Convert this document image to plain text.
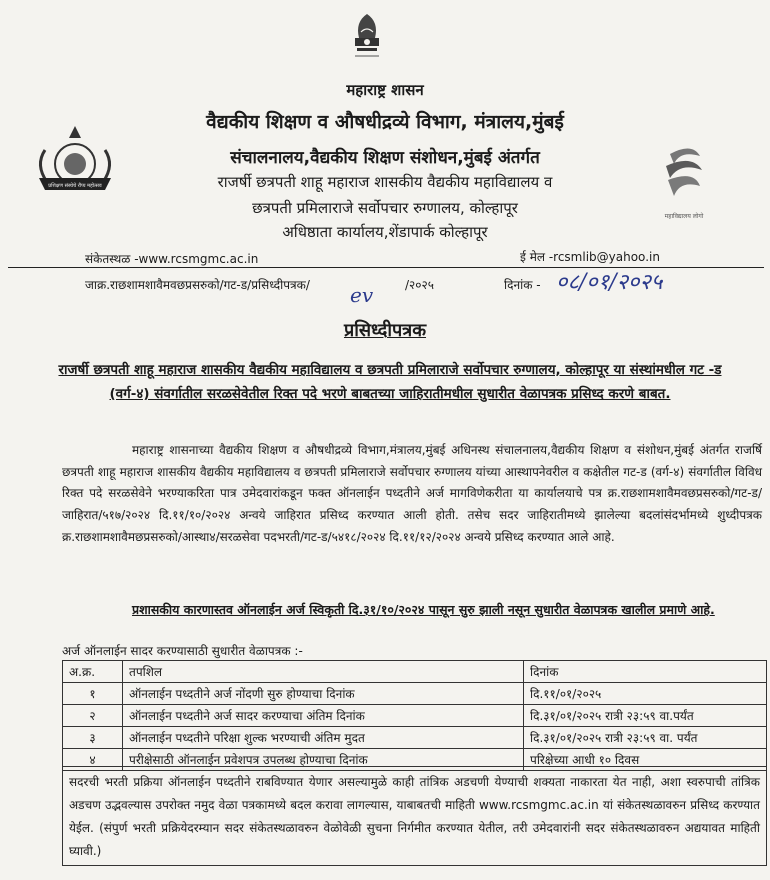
महाराष्ट्र शासन
वैद्यकीय शिक्षण व औषधीद्रव्ये विभाग, मंत्रालय,मुंबई
संचालनालय,वैद्यकीय शिक्षण संशोधन,मुंबई अंतर्गत
राजर्षी छत्रपती शाहू महाराज शासकीय वैद्यकीय महाविद्यालय व
छत्रपती प्रमिलाराजे सर्वोपचार रुग्णालय, कोल्हापूर
अधिष्ठाता कार्यालय,शेंडापार्क कोल्हापूर
प्रशिक्षण संस्थेचे रौप्य महोत्सव
महाविद्यालय लोगो
संकेतस्थळ -www.rcsmgmc.ac.in	ई मेल -rcsmlib@yahoo.in
जाक्र.राछशामशावैमवछप्रसरुको/गट-ड/प्रसिध्दीपत्रक/	/२०२५	दिनांक - ०८/०१/२०२५
ev
प्रसिध्दीपत्रक
राजर्षी छत्रपती शाहू महाराज शासकीय वैद्यकीय महाविद्यालय व छत्रपती प्रमिलाराजे सर्वोपचार रुग्णालय, कोल्हापूर या संस्थांमधील गट -ड (वर्ग-४) संवर्गातील सरळसेवेतील रिक्त पदे भरणे बाबतच्या जाहिरातीमधील सुधारीत वेळापत्रक प्रसिध्द करणे बाबत.
महाराष्ट्र शासनाच्या वैद्यकीय शिक्षण व औषधीद्रव्ये विभाग,मंत्रालय,मुंबई अधिनस्थ संचालनालय,वैद्यकीय शिक्षण व संशोधन,मुंबई अंतर्गत राजर्षि छत्रपती शाहू महाराज शासकीय वैद्यकीय महाविद्यालय व छत्रपती प्रमिलाराजे सर्वोपचार रुग्णालय यांच्या आस्थापनेवरील व कक्षेतील गट-ड (वर्ग-४) संवर्गातील विविध रिक्त पदे सरळसेवेने भरण्याकरिता पात्र उमेदवारांकडून फक्त ऑनलाईन पध्दतीने अर्ज मागविणेकरीता या कार्यालयाचे पत्र क्र.राछशामशावैमवछप्रसरुको/गट-ड/जाहिरात/५१७/२०२४ दि.११/१०/२०२४ अन्वये जाहिरात प्रसिध्द करण्यात आली होती. तसेच सदर जाहिरातीमध्ये झालेल्या बदलांसंदर्भामध्ये शुध्दीपत्रक क्र.राछशामशावैमछप्रसरुको/आस्था४/सरळसेवा पदभरती/गट-ड/५४१८/२०२४ दि.११/१२/२०२४ अन्वये प्रसिध्द करण्यात आले आहे.
प्रशासकीय कारणास्तव ऑनलाईन अर्ज स्विकृती दि.३१/१०/२०२४ पासून सुरु झाली नसून सुधारीत वेळापत्रक खालील प्रमाणे आहे.
अर्ज ऑनलाईन सादर करण्यासाठी सुधारीत वेळापत्रक :-
अ.क्र.	तपशिल	दिनांक
१	ऑनलाईन पध्दतीने अर्ज नोंदणी सुरु होण्याचा दिनांक	दि.११/०१/२०२५
२	ऑनलाईन पध्दतीने अर्ज सादर करण्याचा अंतिम दिनांक	दि.३१/०१/२०२५ रात्री २३:५९ वा.पर्यंत
३	ऑनलाईन पध्दतीने परिक्षा शुल्क भरण्याची अंतिम मुदत	दि.३१/०१/२०२५ रात्री २३:५९ वा. पर्यंत
४	परीक्षेसाठी ऑनलाईन प्रवेशपत्र उपलब्ध होण्याचा दिनांक	परिक्षेच्या आधी १० दिवस
सदरची भरती प्रक्रिया ऑनलाईन पध्दतीने राबविण्यात येणार असल्यामुळे काही तांत्रिक अडचणी येण्याची शक्यता नाकारता येत नाही, अशा स्वरुपाची तांत्रिक अडचण उद्भवल्यास उपरोक्त नमुद वेळा पत्रकामध्ये बदल करावा लागल्यास, याबाबतची माहिती www.rcsmgmc.ac.in यां संकेतस्थळावरुन प्रसिध्द करण्यात येईल. (संपुर्ण भरती प्रक्रियेदरम्यान सदर संकेतस्थळावरुन वेळोवेळी सुचना निर्गमीत करण्यात येतील, तरी उमेदवारांनी सदर संकेतस्थळावरुन अद्ययावत माहिती घ्यावी.)
